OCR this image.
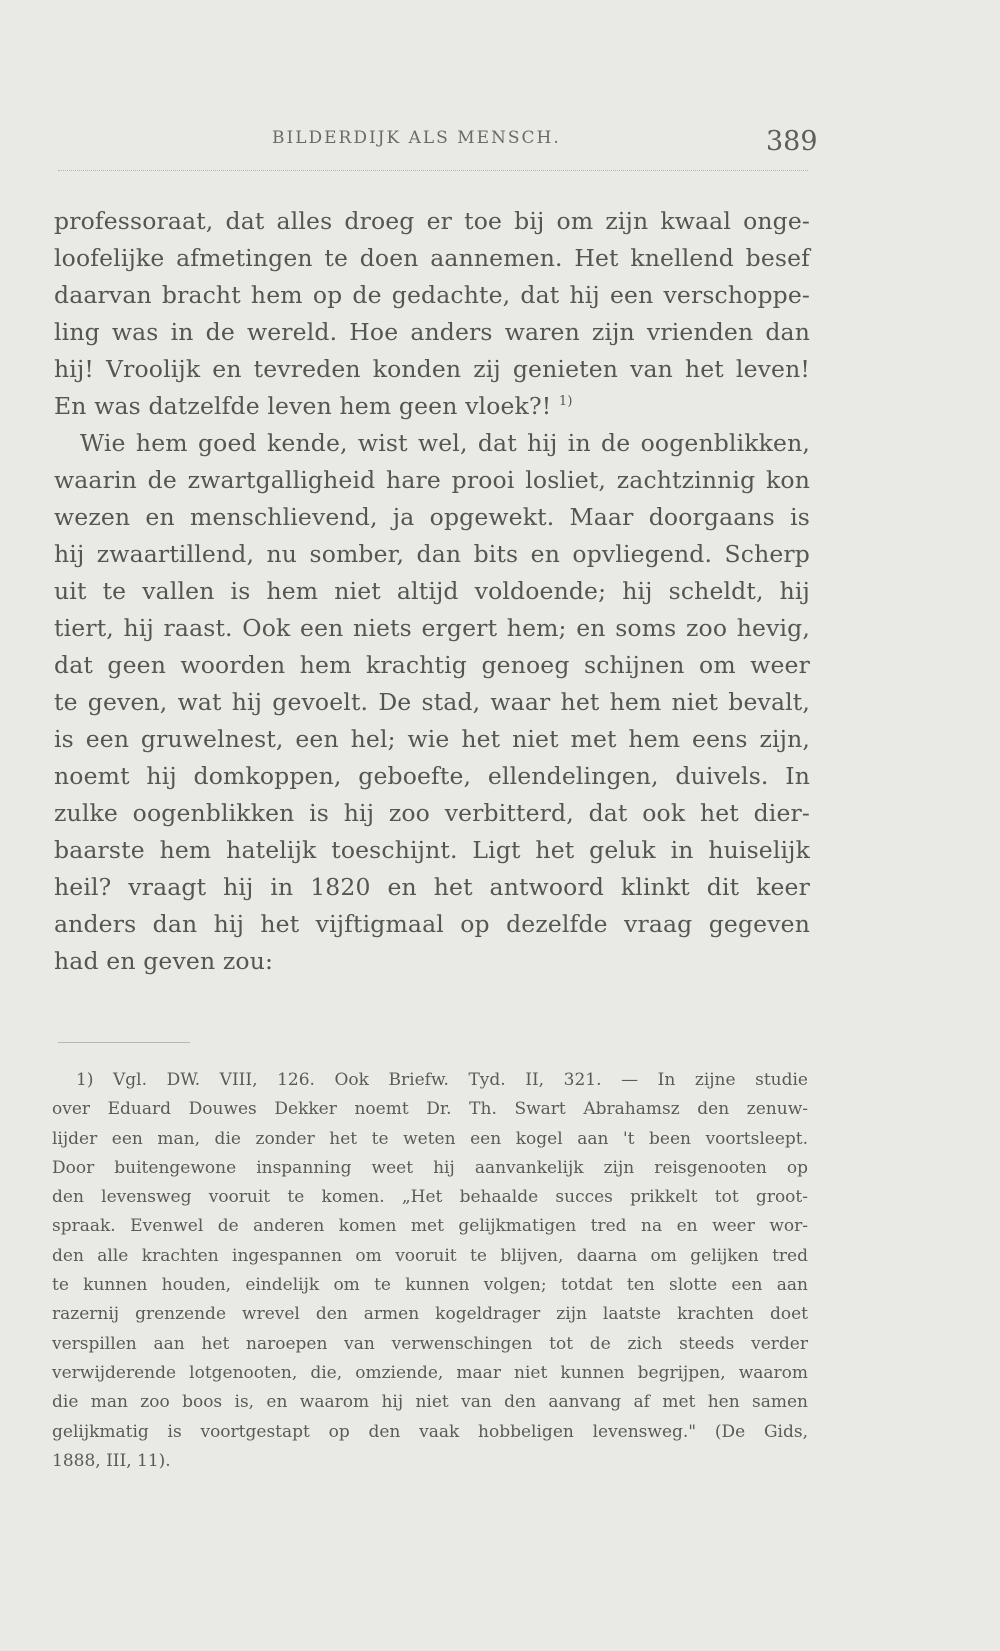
BILDERDIJK ALS MENSCH.	389
professoraat, dat alles droeg er toe bij om zijn kwaal onge-
loofelijke afmetingen te doen aannemen. Het knellend besef
daarvan bracht hem op de gedachte, dat hij een verschoppe-
ling was in de wereld. Hoe anders waren zijn vrienden dan
hij! Vroolijk en tevreden konden zij genieten van het leven!
En was datzelfde leven hem geen vloek?! $^{1)}$
Wie hem goed kende, wist wel, dat hij in de oogenblikken,
waarin de zwartgalligheid hare prooi losliet, zachtzinnig kon
wezen en menschlievend, ja opgewekt. Maar doorgaans is
hij zwaartillend, nu somber, dan bits en opvliegend. Scherp
uit te vallen is hem niet altijd voldoende; hij scheldt, hij
tiert, hij raast. Ook een niets ergert hem; en soms zoo hevig,
dat geen woorden hem krachtig genoeg schijnen om weer
te geven, wat hij gevoelt. De stad, waar het hem niet bevalt,
is een gruwelnest, een hel; wie het niet met hem eens zijn,
noemt hij domkoppen, geboefte, ellendelingen, duivels. In
zulke oogenblikken is hij zoo verbitterd, dat ook het dier-
baarste hem hatelijk toeschijnt. Ligt het geluk in huiselijk
heil? vraagt hij in 1820 en het antwoord klinkt dit keer
anders dan hij het vijftigmaal op dezelfde vraag gegeven
had en geven zou:
1) Vgl. DW. VIII, 126. Ook Briefw. Tyd. II, 321. — In zijne studie
over Eduard Douwes Dekker noemt Dr. Th. Swart Abrahamsz den zenuw-
lijder een man, die zonder het te weten een kogel aan 't been voortsleept.
Door buitengewone inspanning weet hij aanvankelijk zijn reisgenooten op
den levensweg vooruit te komen. „Het behaalde succes prikkelt tot groot-
spraak. Evenwel de anderen komen met gelijkmatigen tred na en weer wor-
den alle krachten ingespannen om vooruit te blijven, daarna om gelijken tred
te kunnen houden, eindelijk om te kunnen volgen; totdat ten slotte een aan
razernij grenzende wrevel den armen kogeldrager zijn laatste krachten doet
verspillen aan het naroepen van verwenschingen tot de zich steeds verder
verwijderende lotgenooten, die, omziende, maar niet kunnen begrijpen, waarom
die man zoo boos is, en waarom hij niet van den aanvang af met hen samen
gelijkmatig is voortgestapt op den vaak hobbeligen levensweg." (De Gids,
1888, III, 11).
